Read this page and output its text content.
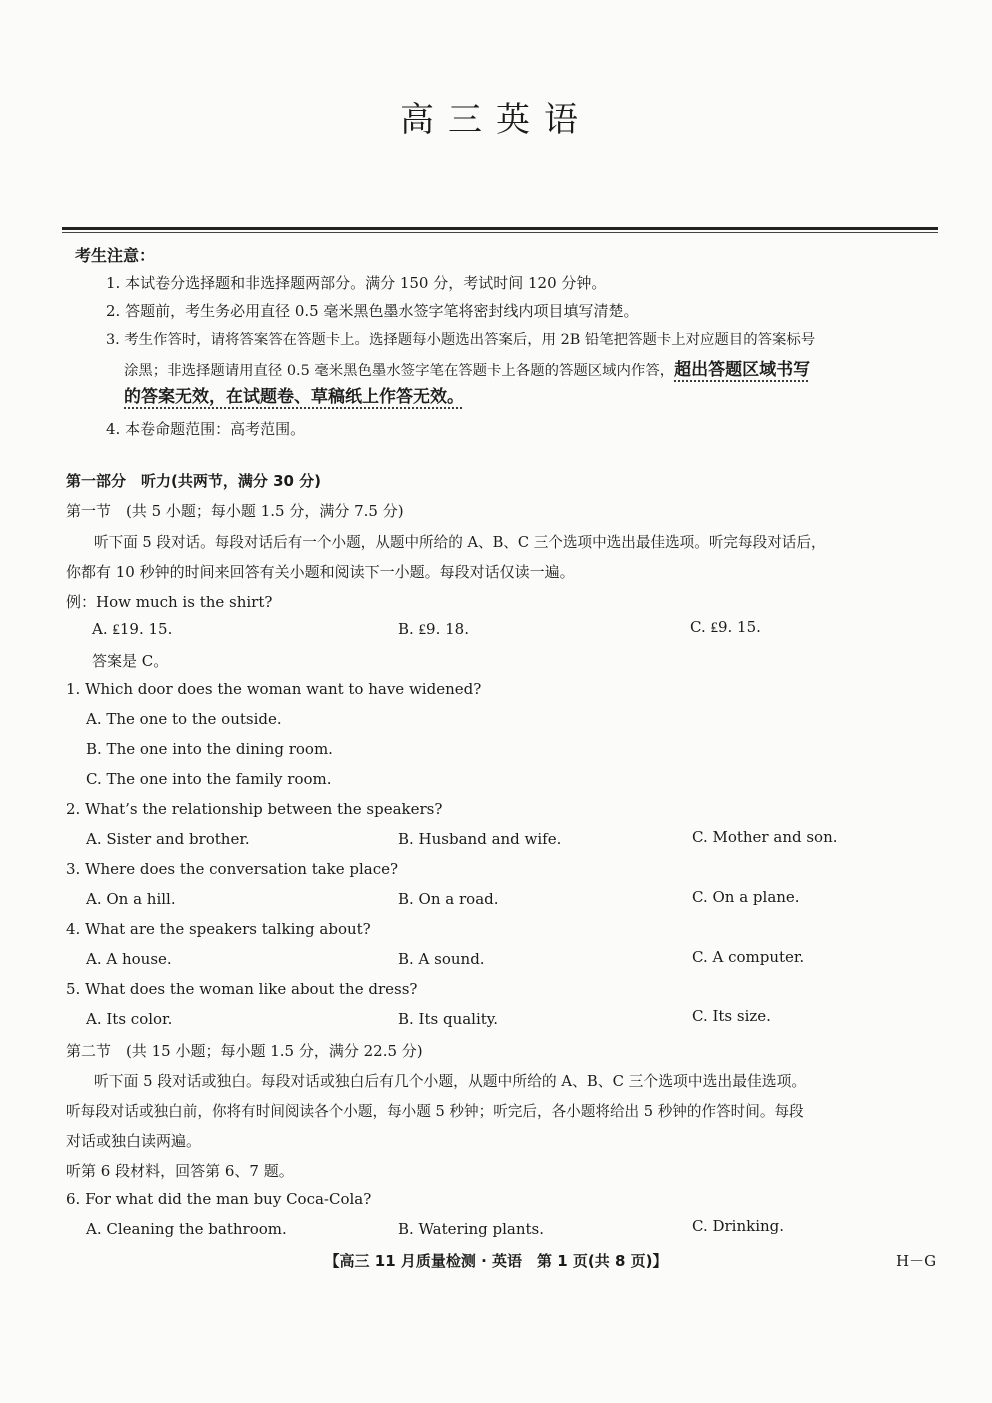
高三英语
考生注意：
1. 本试卷分选择题和非选择题两部分。满分 150 分，考试时间 120 分钟。
2. 答题前，考生务必用直径 0.5 毫米黑色墨水签字笔将密封线内项目填写清楚。
3. 考生作答时，请将答案答在答题卡上。选择题每小题选出答案后，用 2B 铅笔把答题卡上对应题目的答案标号
涂黑；非选择题请用直径 0.5 毫米黑色墨水签字笔在答题卡上各题的答题区域内作答，超出答题区域书写
的答案无效，在试题卷、草稿纸上作答无效。
4. 本卷命题范围：高考范围。
第一部分　听力(共两节，满分 30 分)
第一节　(共 5 小题；每小题 1.5 分，满分 7.5 分)
听下面 5 段对话。每段对话后有一个小题，从题中所给的 A、B、C 三个选项中选出最佳选项。听完每段对话后，
你都有 10 秒钟的时间来回答有关小题和阅读下一小题。每段对话仅读一遍。
例：How much is the shirt?
A. ₤19. 15.	B. ₤9. 18.	C. ₤9. 15.
答案是 C。
1. Which door does the woman want to have widened?
A. The one to the outside.
B. The one into the dining room.
C. The one into the family room.
2. What’s the relationship between the speakers?
A. Sister and brother.	B. Husband and wife.	C. Mother and son.
3. Where does the conversation take place?
A. On a hill.	B. On a road.	C. On a plane.
4. What are the speakers talking about?
A. A house.	B. A sound.	C. A computer.
5. What does the woman like about the dress?
A. Its color.	B. Its quality.	C. Its size.
第二节　(共 15 小题；每小题 1.5 分，满分 22.5 分)
听下面 5 段对话或独白。每段对话或独白后有几个小题，从题中所给的 A、B、C 三个选项中选出最佳选项。
听每段对话或独白前，你将有时间阅读各个小题，每小题 5 秒钟；听完后，各小题将给出 5 秒钟的作答时间。每段
对话或独白读两遍。
听第 6 段材料，回答第 6、7 题。
6. For what did the man buy Coca-Cola?
A. Cleaning the bathroom.	B. Watering plants.	C. Drinking.
【高三 11 月质量检测 · 英语　第 1 页(共 8 页)】	H－G
